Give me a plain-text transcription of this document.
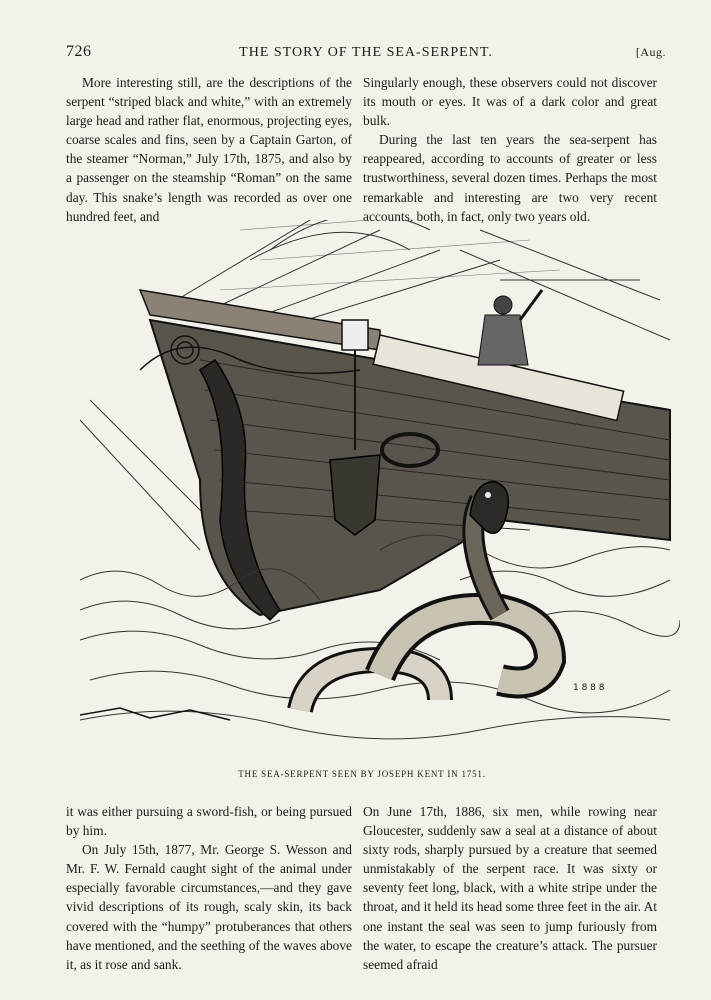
726	THE STORY OF THE SEA-SERPENT.	[Aug.

More interesting still, are the descriptions of the serpent “striped black and white,” with an extremely large head and rather flat, enormous, projecting eyes, coarse scales and fins, seen by a Captain Garton, of the steamer “Norman,” July 17th, 1875, and also by a passenger on the steamship “Roman” on the same day. This snake’s length was recorded as over one hundred feet, and

Singularly enough, these observers could not discover its mouth or eyes. It was of a dark color and great bulk.

During the last ten years the sea-serpent has reappeared, according to accounts of greater or less trustworthiness, several dozen times. Perhaps the most remarkable and interesting are two very recent accounts, both, in fact, only two years old.

1 8 8 8
THE SEA-SERPENT SEEN BY JOSEPH KENT IN 1751.

it was either pursuing a sword-fish, or being pursued by him.

On July 15th, 1877, Mr. George S. Wesson and Mr. F. W. Fernald caught sight of the animal under especially favorable circumstances,—and they gave vivid descriptions of its rough, scaly skin, its back covered with the “humpy” protuberances that others have mentioned, and the seething of the waves above it, as it rose and sank.

On June 17th, 1886, six men, while rowing near Gloucester, suddenly saw a seal at a distance of about sixty rods, sharply pursued by a creature that seemed unmistakably of the serpent race. It was sixty or seventy feet long, black, with a white stripe under the throat, and it held its head some three feet in the air. At one instant the seal was seen to jump furiously from the water, to escape the creature’s attack. The pursuer seemed afraid
